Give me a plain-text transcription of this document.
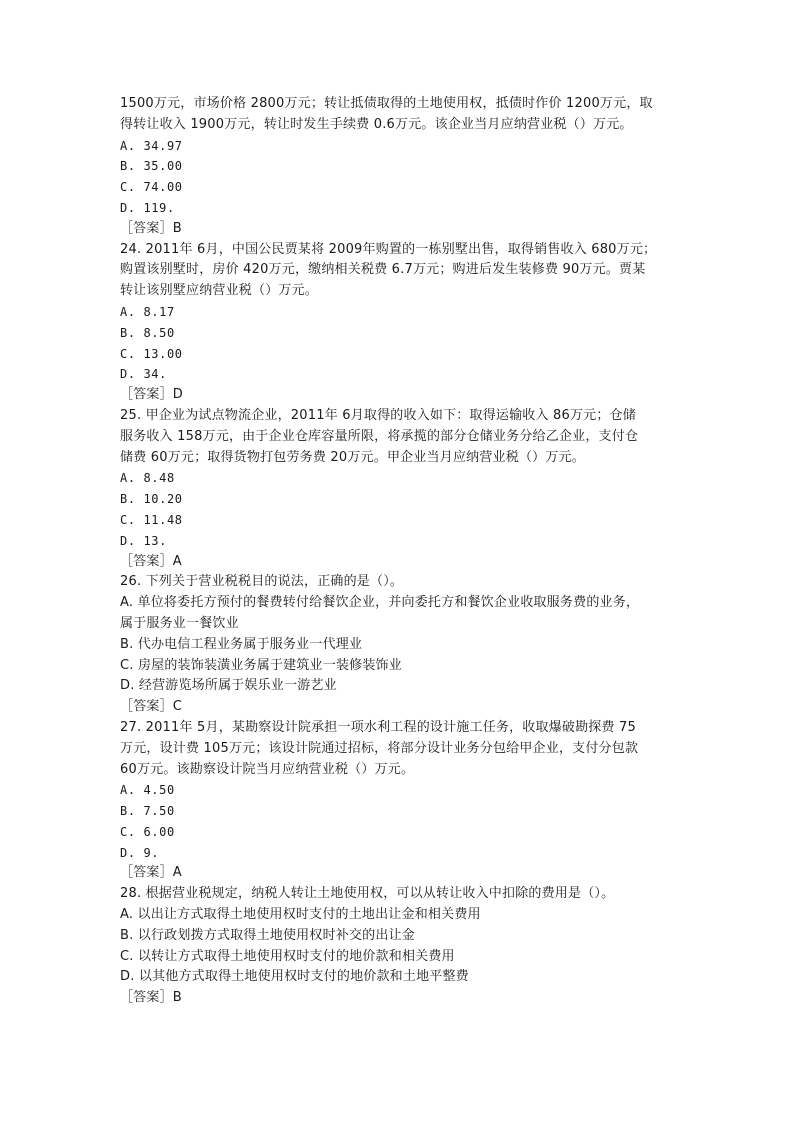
1500万元，市场价格 2800万元；转让抵债取得的土地使用权，抵债时作价 1200万元，取
得转让收入 1900万元，转让时发生手续费 0.6万元。该企业当月应纳营业税（）万元。
A. 34.97
B. 35.00
C. 74.00
D. 119.
［答案］B
24. 2011年 6月，中国公民贾某将 2009年购置的一栋别墅出售，取得销售收入 680万元；
购置该别墅时，房价 420万元，缴纳相关税费 6.7万元；购进后发生装修费 90万元。贾某
转让该别墅应纳营业税（）万元。
A. 8.17
B. 8.50
C. 13.00
D. 34.
［答案］D
25. 甲企业为试点物流企业，2011年 6月取得的收入如下：取得运输收入 86万元；仓储
服务收入 158万元，由于企业仓库容量所限，将承揽的部分仓储业务分给乙企业，支付仓
储费 60万元；取得货物打包劳务费 20万元。甲企业当月应纳营业税（）万元。
A. 8.48
B. 10.20
C. 11.48
D. 13.
［答案］A
26. 下列关于营业税税目的说法，正确的是（）。
A. 单位将委托方预付的餐费转付给餐饮企业，并向委托方和餐饮企业收取服务费的业务，
属于服务业一餐饮业
B. 代办电信工程业务属于服务业一代理业
C. 房屋的装饰装潢业务属于建筑业一装修装饰业
D. 经营游览场所属于娱乐业一游艺业
［答案］C
27. 2011年 5月，某勘察设计院承担一项水利工程的设计施工任务，收取爆破勘探费 75
万元，设计费 105万元；该设计院通过招标，将部分设计业务分包给甲企业，支付分包款
60万元。该勘察设计院当月应纳营业税（）万元。
A. 4.50
B. 7.50
C. 6.00
D. 9.
［答案］A
28. 根据营业税规定，纳税人转让土地使用权，可以从转让收入中扣除的费用是（）。
A. 以出让方式取得土地使用权时支付的土地出让金和相关费用
B. 以行政划拨方式取得土地使用权时补交的出让金
C. 以转让方式取得土地使用权时支付的地价款和相关费用
D. 以其他方式取得土地使用权时支付的地价款和土地平整费
［答案］B
